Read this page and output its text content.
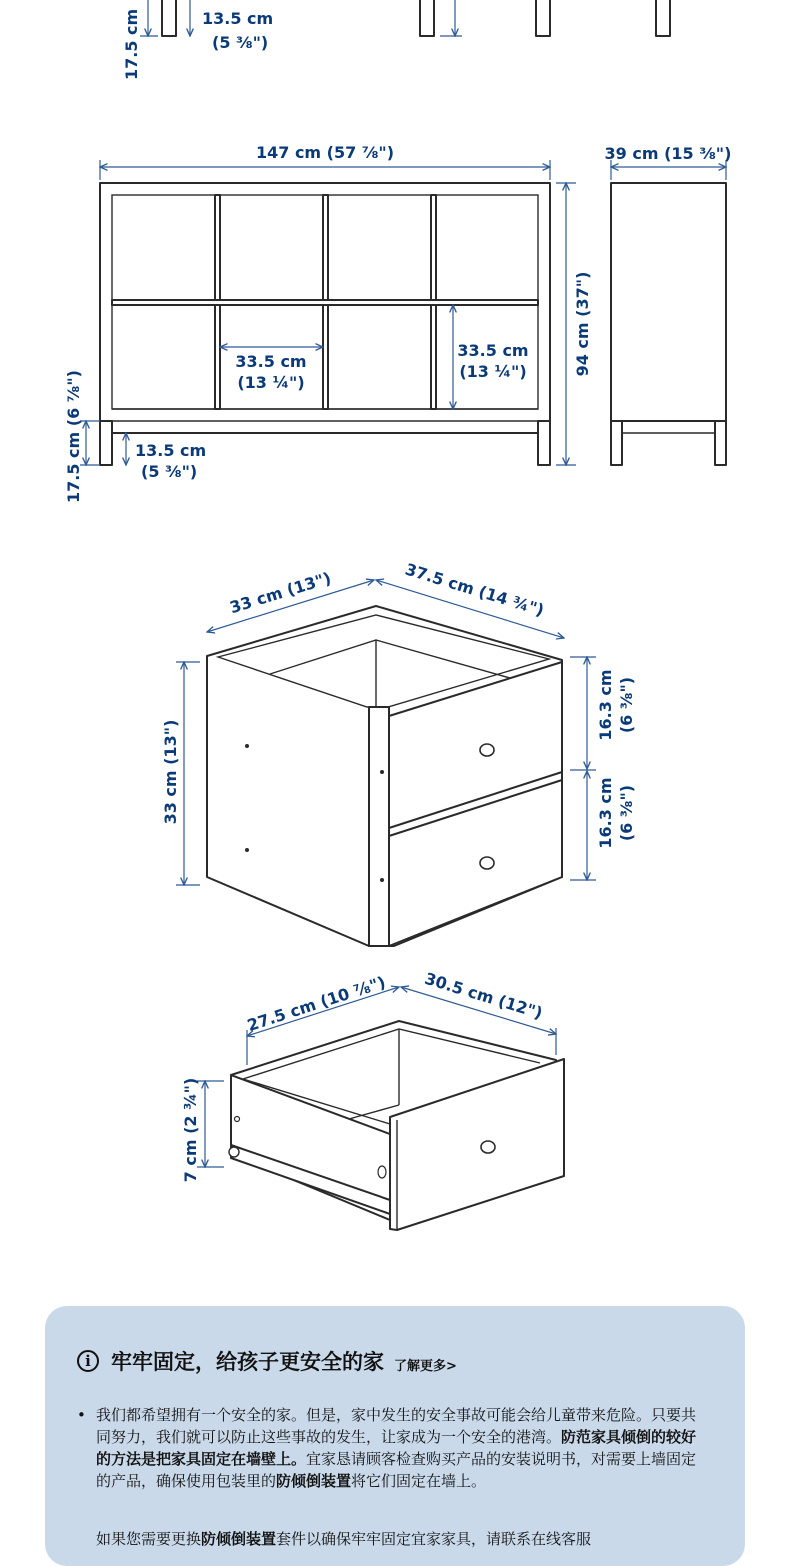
17.5 cm	13.5 cm
(5 ⅜")
147 cm (57 ⅞")
94 cm (37")
33.5 cm
(13 ¼")
33.5 cm
(13 ¼")
17.5 cm (6 ⅞")	13.5 cm
(5 ⅜")
39 cm (15 ⅜")
33 cm (13")	37.5 cm (14 ¾")
33 cm (13")
16.3 cm (6 ⅜")
16.3 cm (6 ⅜")
27.5 cm (10 ⅞") 30.5 cm (12")
7 cm (2 ¾")
i 牢牢固定，给孩子更安全的家 了解更多>
• 我们都希望拥有一个安全的家。但是，家中发生的安全事故可能会给儿童带来危险。只要共同努力，我们就可以防止这些事故的发生，让家成为一个安全的港湾。防范家具倾倒的较好的方法是把家具固定在墙壁上。宜家恳请顾客检查购买产品的安装说明书，对需要上墙固定的产品，确保使用包装里的防倾倒装置将它们固定在墙上。
如果您需要更换防倾倒装置套件以确保牢牢固定宜家家具，请联系在线客服
